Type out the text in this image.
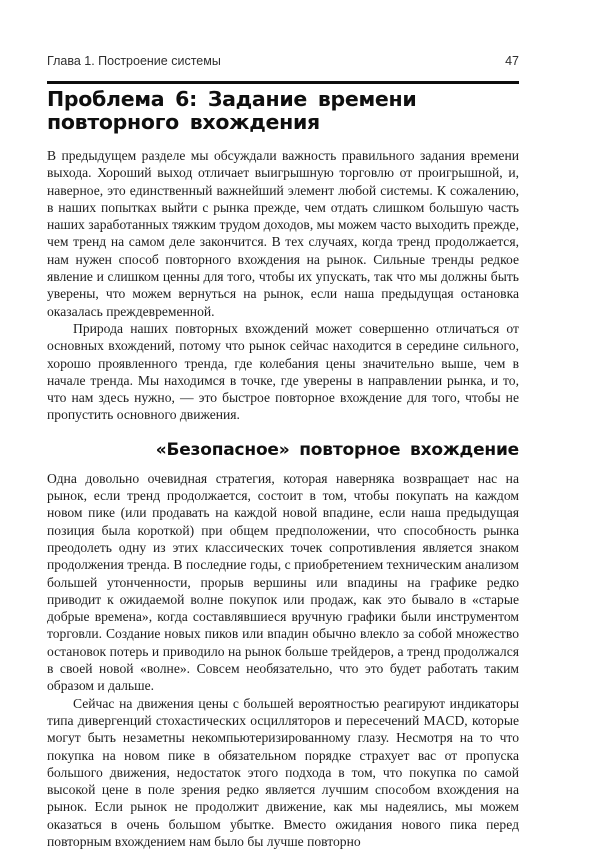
Глава 1. Построение системы	47
Проблема 6: Задание времени повторного вхождения

В предыдущем разделе мы обсуждали важность правильного задания времени выхода. Хороший выход отличает выигрышную торговлю от проигрышной, и, наверное, это единственный важнейший элемент любой системы. К сожалению, в наших попытках выйти с рынка прежде, чем отдать слишком большую часть наших заработанных тяжким трудом доходов, мы можем часто выходить прежде, чем тренд на самом деле закончится. В тех случаях, когда тренд продолжается, нам нужен способ повторного вхождения на рынок. Сильные тренды редкое явление и слишком ценны для того, чтобы их упускать, так что мы должны быть уверены, что можем вернуться на рынок, если наша предыдущая остановка оказалась преждевременной.

Природа наших повторных вхождений может совершенно отличаться от основных вхождений, потому что рынок сейчас находится в середине сильного, хорошо проявленного тренда, где колебания цены значительно выше, чем в начале тренда. Мы находимся в точке, где уверены в направлении рынка, и то, что нам здесь нужно, — это быстрое повторное вхождение для того, чтобы не пропустить основного движения.

«Безопасное» повторное вхождение

Одна довольно очевидная стратегия, которая наверняка возвращает нас на рынок, если тренд продолжается, состоит в том, чтобы покупать на каждом новом пике (или продавать на каждой новой впадине, если наша предыдущая позиция была короткой) при общем предположении, что способность рынка преодолеть одну из этих классических точек сопротивления является знаком продолжения тренда. В последние годы, с приобретением техническим анализом большей утонченности, прорыв вершины или впадины на графике редко приводит к ожидаемой волне покупок или продаж, как это бывало в «старые добрые времена», когда составлявшиеся вручную графики были инструментом торговли. Создание новых пиков или впадин обычно влекло за собой множество остановок потерь и приводило на рынок больше трейдеров, а тренд продолжался в своей новой «волне». Совсем необязательно, что это будет работать таким образом и дальше.

Сейчас на движения цены с большей вероятностью реагируют индикаторы типа дивергенций стохастических осцилляторов и пересечений MACD, которые могут быть незаметны некомпьютеризированному глазу. Несмотря на то что покупка на новом пике в обязательном порядке страхует вас от пропуска большого движения, недостаток этого подхода в том, что покупка по самой высокой цене в поле зрения редко является лучшим способом вхождения на рынок. Если рынок не продолжит движение, как мы надеялись, мы можем оказаться в очень большом убытке. Вместо ожидания нового пика перед повторным вхождением нам было бы лучше повторно
